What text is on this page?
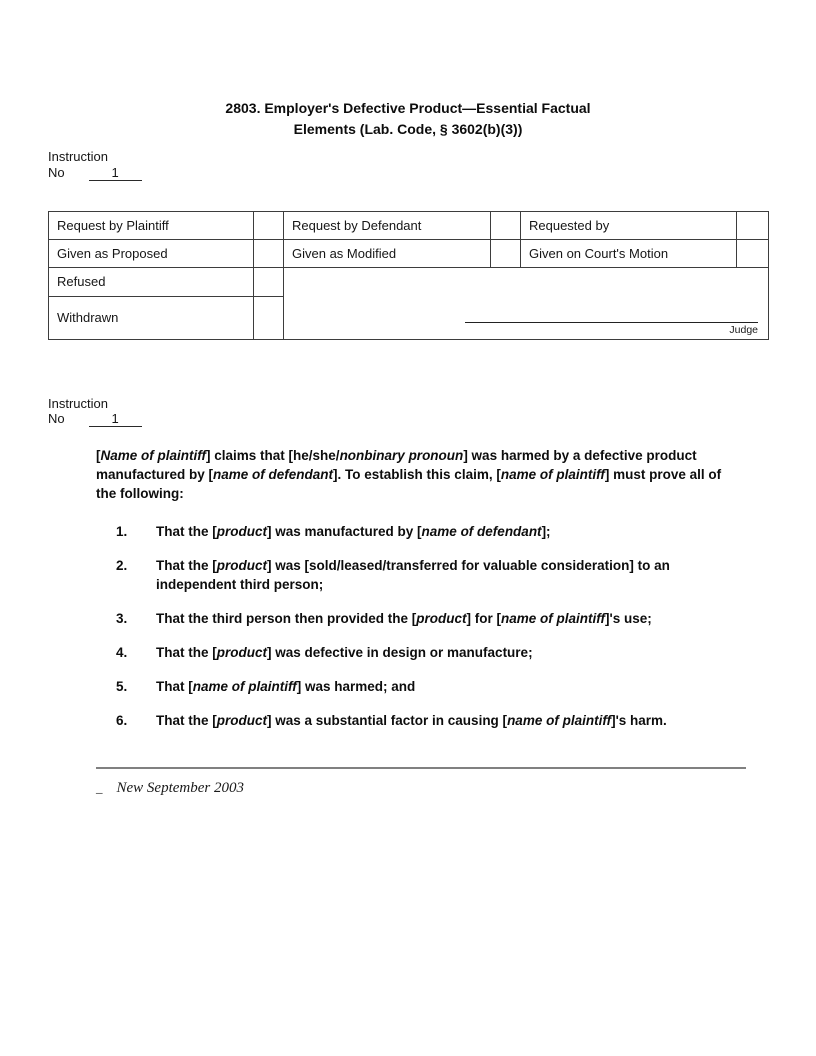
2803. Employer's Defective Product—Essential Factual
Elements (Lab. Code, § 3602(b)(3))
Instruction
No	1
Request by Plaintiff		Request by Defendant		Requested by	
Given as Proposed		Given as Modified		Given on Court's Motion	
Refused		Judge			

Withdrawn					
Instruction
No	1

[Name of plaintiff] claims that [he/she/nonbinary pronoun] was harmed by a defective product manufactured by [name of defendant]. To establish this claim, [name of plaintiff] must prove all of the following:

1.	That the [product] was manufactured by [name of defendant];
2.	That the [product] was [sold/leased/transferred for valuable consideration] to an independent third person;
3.	That the third person then provided the [product] for [name of plaintiff]'s use;
4.	That the [product] was defective in design or manufacture;
5.	That [name of plaintiff] was harmed; and
6.	That the [product] was a substantial factor in causing [name of plaintiff]'s harm.
_ New September 2003
